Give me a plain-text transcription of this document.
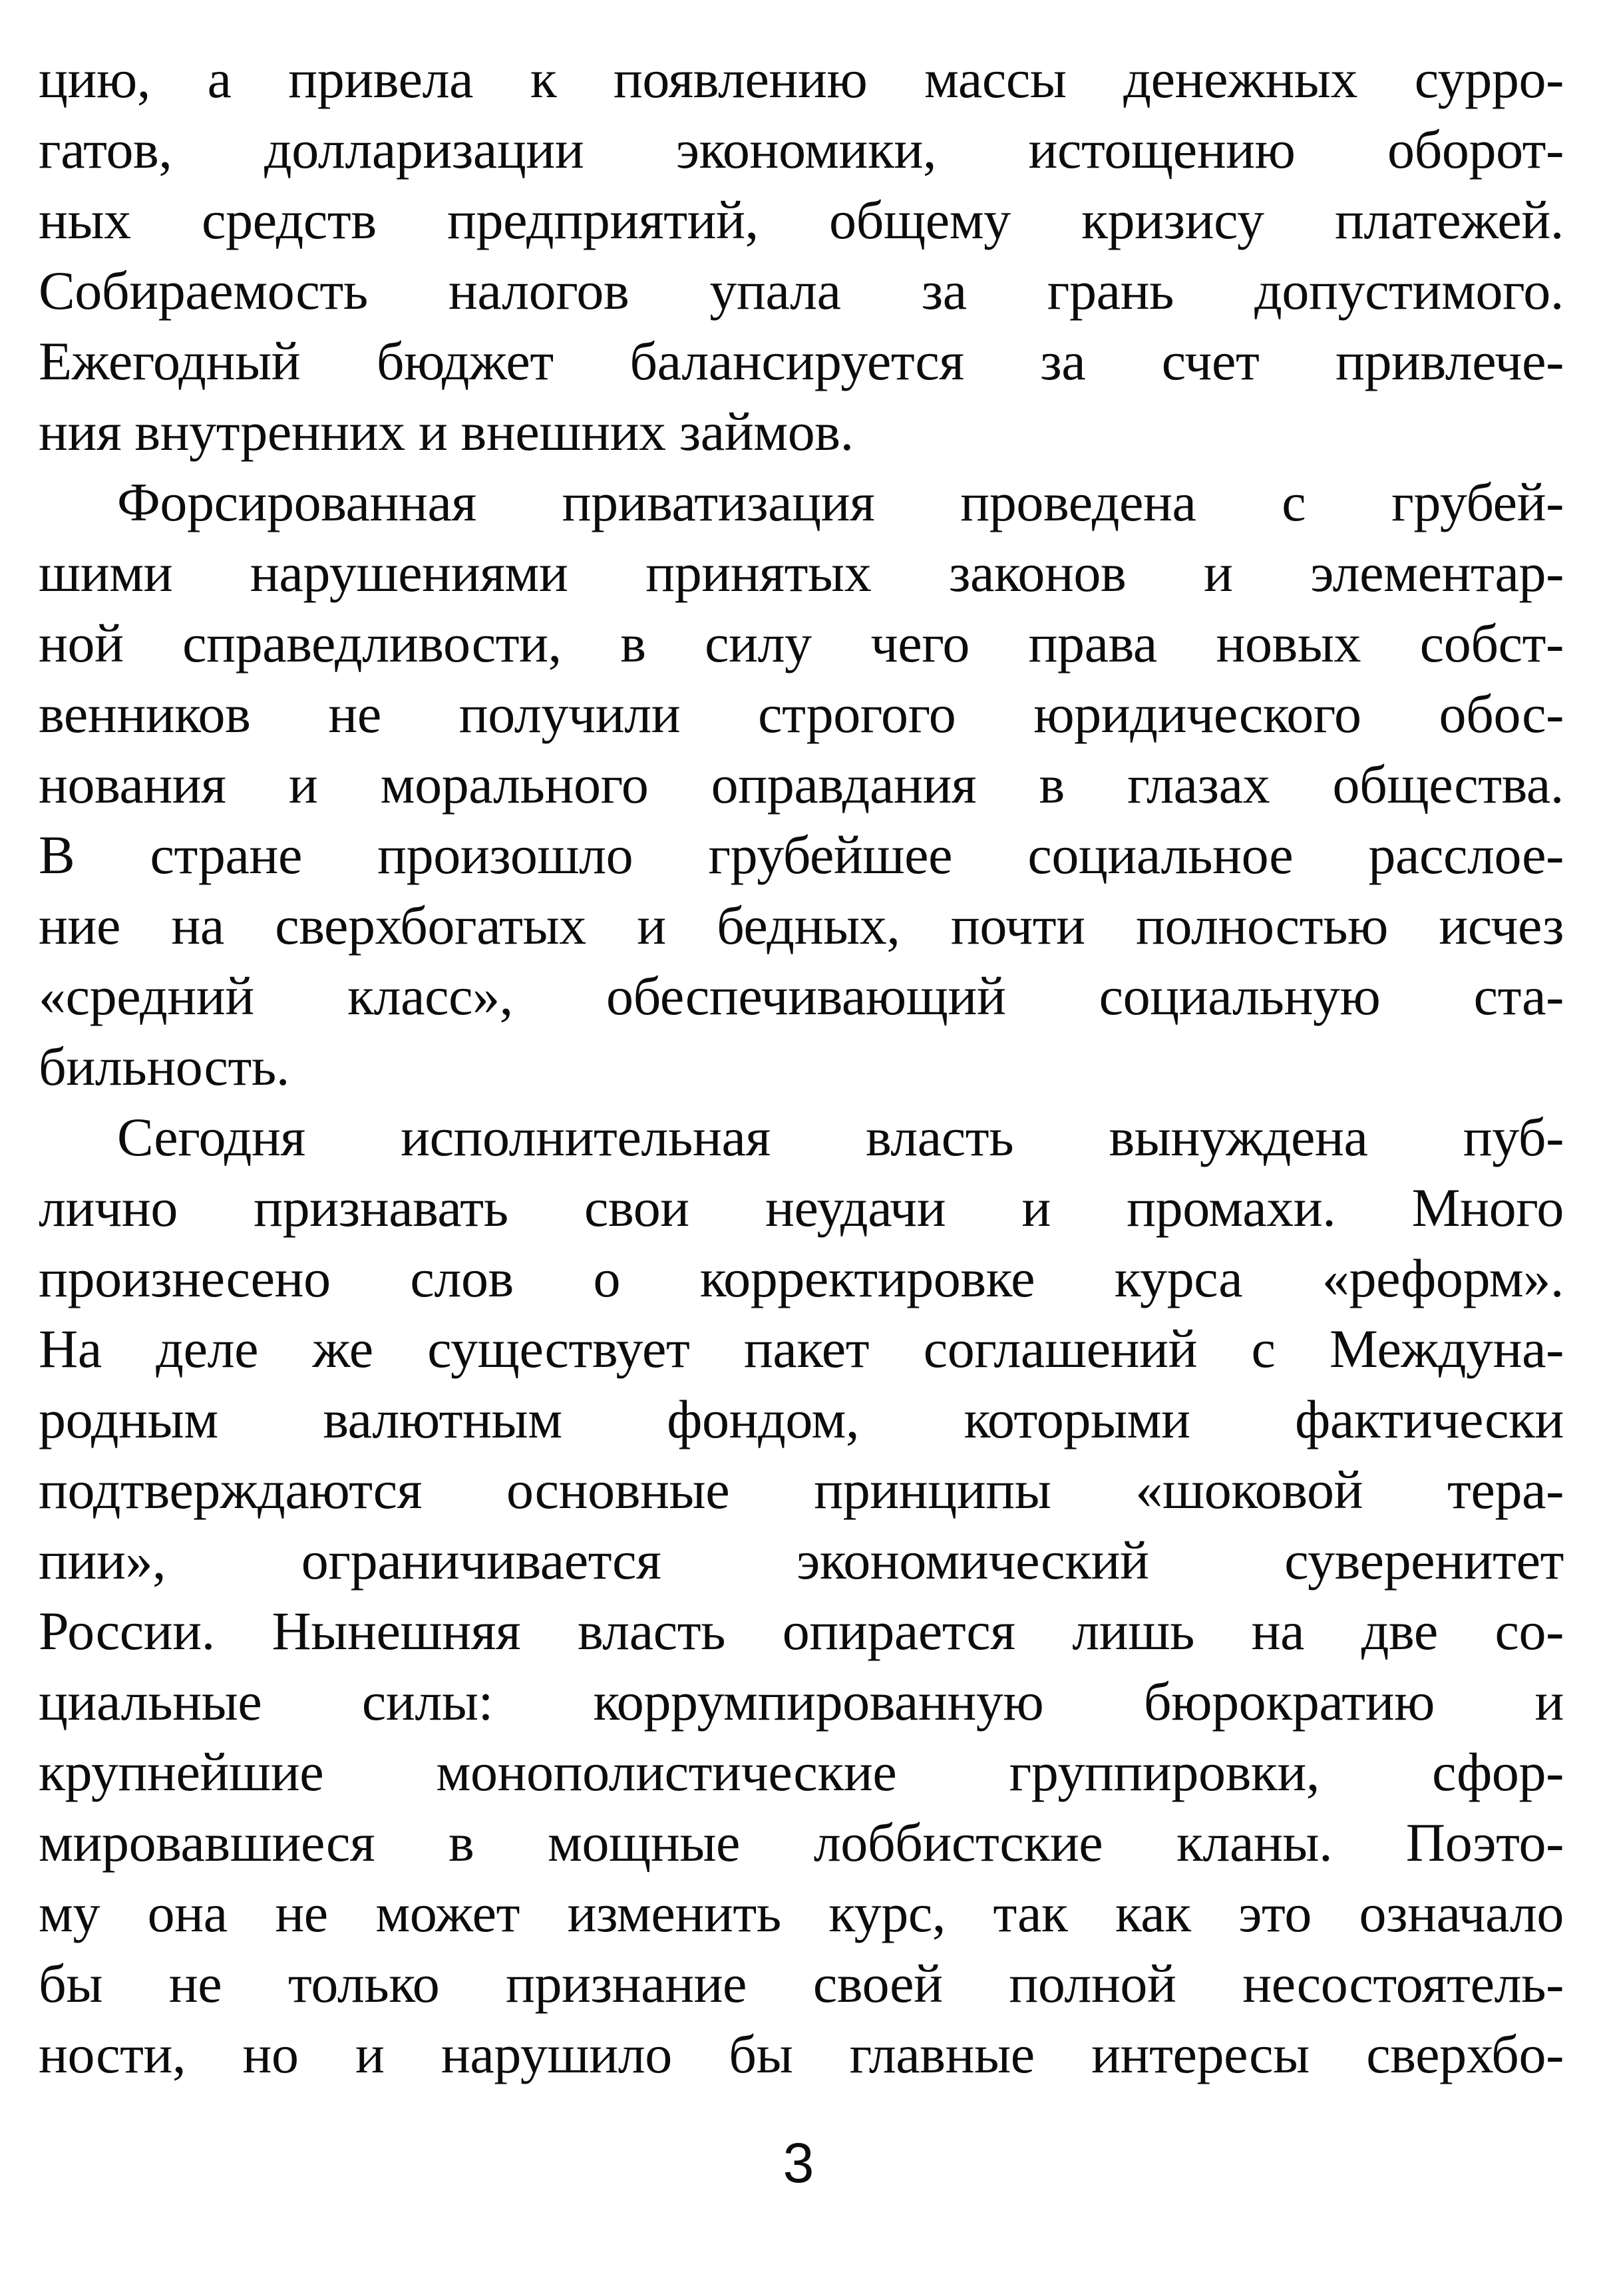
цию, а привела к появлению массы денежных сурро-
гатов, долларизации экономики, истощению оборот-
ных средств предприятий, общему кризису платежей.
Собираемость налогов упала за грань допустимого.
Ежегодный бюджет балансируется за счет привлече-
ния внутренних и внешних займов.
Форсированная приватизация проведена с грубей-
шими нарушениями принятых законов и элементар-
ной справедливости, в силу чего права новых собст-
венников не получили строгого юридического обос-
нования и морального оправдания в глазах общества.
В стране произошло грубейшее социальное расслое-
ние на сверхбогатых и бедных, почти полностью исчез
«средний класс», обеспечивающий социальную ста-
бильность.
Сегодня исполнительная власть вынуждена пуб-
лично признавать свои неудачи и промахи. Много
произнесено слов о корректировке курса «реформ».
На деле же существует пакет соглашений с Междуна-
родным валютным фондом, которыми фактически
подтверждаются основные принципы «шоковой тера-
пии», ограничивается экономический суверенитет
России. Нынешняя власть опирается лишь на две со-
циальные силы: коррумпированную бюрократию и
крупнейшие монополистические группировки, сфор-
мировавшиеся в мощные лоббистские кланы. Поэто-
му она не может изменить курс, так как это означало
бы не только признание своей полной несостоятель-
ности, но и нарушило бы главные интересы сверхбо-
3
